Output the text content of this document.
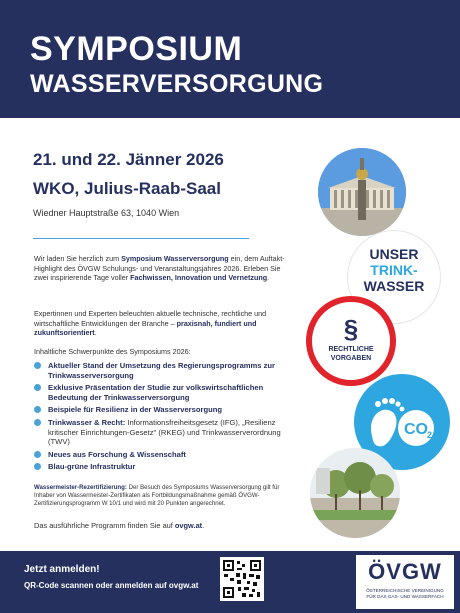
SYMPOSIUM
WASSERVERSORGUNG
21. und 22. Jänner 2026
WKO, Julius-Raab-Saal
Wiedner Hauptstraße 63, 1040 Wien
Wir laden Sie herzlich zum Symposium Wasserversorgung ein, dem Auftakt-Highlight des ÖVGW Schulungs- und Veranstaltungsjahres 2026. Erleben Sie zwei inspirierende Tage voller Fachwissen, Innovation und Vernetzung.
Expertinnen und Experten beleuchten aktuelle technische, rechtliche und wirtschaftliche Entwicklungen der Branche – praxisnah, fundiert und zukunftsorientiert.
Inhaltliche Schwerpunkte des Symposiums 2026:
Aktueller Stand der Umsetzung des Regierungsprogramms zur Trinkwasserversorgung
Exklusive Präsentation der Studie zur volkswirtschaftlichen Bedeutung der Trinkwasserversorgung
Beispiele für Resilienz in der Wasserversorgung
Trinkwasser & Recht: Informationsfreiheitsgesetz (IFG), „Resilienz kritischer Einrichtungen-Gesetz" (RKEG) und Trinkwasserverordnung (TWV)
Neues aus Forschung & Wissenschaft
Blau-grüne Infrastruktur
Wassermeister-Rezertifizierung: Der Besuch des Symposiums Wasserversorgung gilt für Inhaber von Wassermeister-Zertifikaten als Fortbildungsmaßnahme gemäß ÖVGW-Zertifizierungsprogramm W 10/1 und wird mit 20 Punkten angerechnet.
Das ausführliche Programm finden Sie auf ovgw.at.
UNSER
TRINK-
WASSER
§
RECHTLICHE
VORGABEN
CO 2
Jetzt anmelden!
QR-Code scannen oder anmelden auf ovgw.at
ÖVGW
ÖSTERREICHISCHE VEREINIGUNG
FÜR DAS GAS- UND WASSERFACH
